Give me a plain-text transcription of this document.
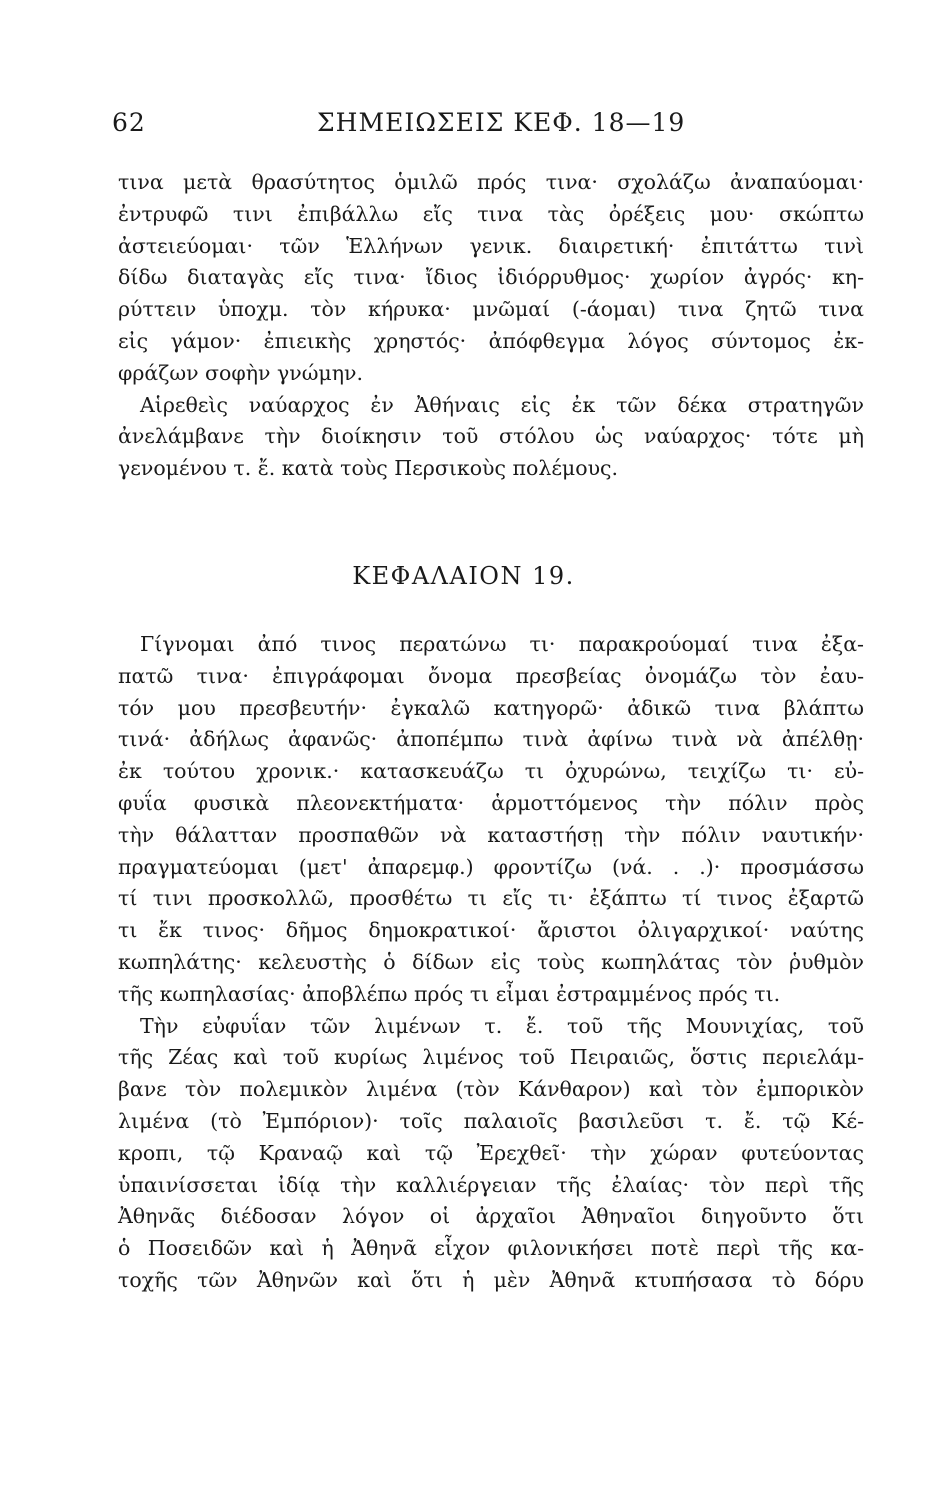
62	ΣΗΜΕΙΩΣΕΙΣ ΚΕΦ. 18—19
τινα μετὰ θρασύτητος ὁμιλῶ πρός τινα· σχολάζω ἀναπαύομαι·
ἐντρυφῶ τινι ἐπιβάλλω εἴς τινα τὰς ὀρέξεις μου· σκώπτω
ἀστειεύομαι· τῶν Ἑλλήνων γενικ. διαιρετική· ἐπιτάττω τινὶ
δίδω διαταγὰς εἴς τινα· ἴδιος ἰδιόρρυθμος· χωρίον ἀγρός· κη-
ρύττειν ὑποχμ. τὸν κήρυκα· μνῶμαί (-άομαι) τινα ζητῶ τινα
εἰς γάμον· ἐπιεικὴς χρηστός· ἀπόφθεγμα λόγος σύντομος ἐκ-
φράζων σοφὴν γνώμην.
Αἱρεθεὶς ναύαρχος ἐν Ἀθήναις εἰς ἐκ τῶν δέκα στρατηγῶν
ἀνελάμβανε τὴν διοίκησιν τοῦ στόλου ὡς ναύαρχος· τότε μὴ
γενομένου τ. ἔ. κατὰ τοὺς Περσικοὺς πολέμους.
ΚΕΦΑΛΑΙΟΝ 19.
Γίγνομαι ἀπό τινος περατώνω τι· παρακρούομαί τινα ἐξα-
πατῶ τινα· ἐπιγράφομαι ὄνομα πρεσβείας ὀνομάζω τὸν ἐαυ-
τόν μου πρεσβευτήν· ἐγκαλῶ κατηγορῶ· ἀδικῶ τινα βλάπτω
τινά· ἀδήλως ἀφανῶς· ἀποπέμπω τινὰ ἀφίνω τινὰ νὰ ἀπέλθῃ·
ἐκ τούτου χρονικ.· κατασκευάζω τι ὀχυρώνω, τειχίζω τι· εὐ-
φυΐα φυσικὰ πλεονεκτήματα· ἁρμοττόμενος τὴν πόλιν πρὸς
τὴν θάλατταν προσπαθῶν νὰ καταστήσῃ τὴν πόλιν ναυτικήν·
πραγματεύομαι (μετ' ἀπαρεμφ.) φροντίζω (νά. . .)· προσμάσσω
τί τινι προσκολλῶ, προσθέτω τι εἴς τι· ἐξάπτω τί τινος ἐξαρτῶ
τι ἔκ τινος· δῆμος δημοκρατικοί· ἄριστοι ὀλιγαρχικοί· ναύτης
κωπηλάτης· κελευστὴς ὁ δίδων εἰς τοὺς κωπηλάτας τὸν ῥυθμὸν
τῆς κωπηλασίας· ἀποβλέπω πρός τι εἶμαι ἐστραμμένος πρός τι.
Τὴν εὐφυΐαν τῶν λιμένων τ. ἔ. τοῦ τῆς Μουνιχίας, τοῦ
τῆς Ζέας καὶ τοῦ κυρίως λιμένος τοῦ Πειραιῶς, ὅστις περιελάμ-
βανε τὸν πολεμικὸν λιμένα (τὸν Κάνθαρον) καὶ τὸν ἐμπορικὸν
λιμένα (τὸ Ἐμπόριον)· τοῖς παλαιοῖς βασιλεῦσι τ. ἔ. τῷ Κέ-
κροπι, τῷ Κραναῷ καὶ τῷ Ἐρεχθεῖ· τὴν χώραν φυτεύοντας
ὑπαινίσσεται ἰδίᾳ τὴν καλλιέργειαν τῆς ἐλαίας· τὸν περὶ τῆς
Ἀθηνᾶς διέδοσαν λόγον οἱ ἀρχαῖοι Ἀθηναῖοι διηγοῦντο ὅτι
ὁ Ποσειδῶν καὶ ἡ Ἀθηνᾶ εἶχον φιλονικήσει ποτὲ περὶ τῆς κα-
τοχῆς τῶν Ἀθηνῶν καὶ ὅτι ἡ μὲν Ἀθηνᾶ κτυπήσασα τὸ δόρυ
